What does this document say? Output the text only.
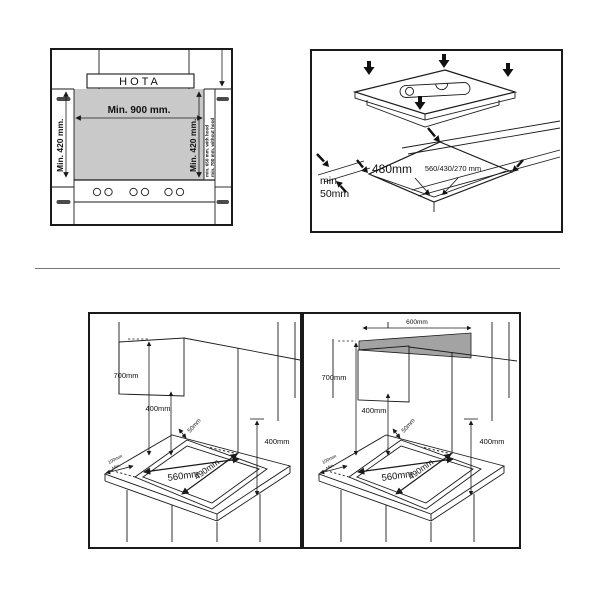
HOTA
Min. 900 mm.
Min. 420 mm.	Min. 420 mm. min. 650 mm. with hood min. 700 mm. without hood	480mm 560/430/270 mm
min
50mm
700mm
400mm
400mm
50mm
100mm
Min.
560mm
490mm
600mm
700mm
400mm
400mm
50mm
100mm
Min.
560mm
490mm
